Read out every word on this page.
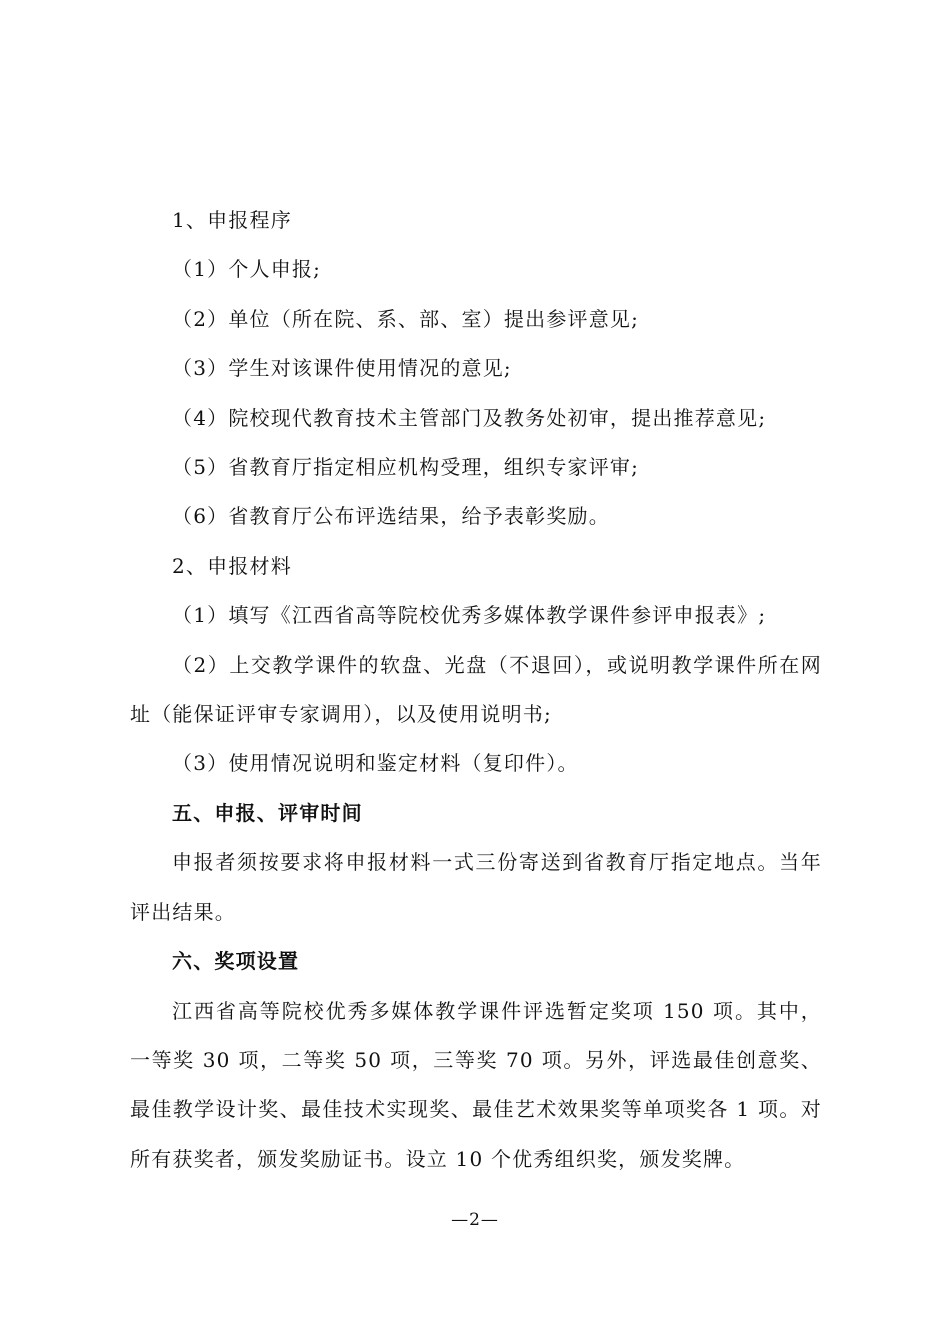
1、申报程序

（1）个人申报;

（2）单位（所在院、系、部、室）提出参评意见;

（3）学生对该课件使用情况的意见;

（4）院校现代教育技术主管部门及教务处初审，提出推荐意见;

（5）省教育厅指定相应机构受理，组织专家评审;

（6）省教育厅公布评选结果，给予表彰奖励。

2、申报材料

（1）填写《江西省高等院校优秀多媒体教学课件参评申报表》;

（2）上交教学课件的软盘、光盘（不退回），或说明教学课件所在网址（能保证评审专家调用），以及使用说明书;

（3）使用情况说明和鉴定材料（复印件）。

五、申报、评审时间

申报者须按要求将申报材料一式三份寄送到省教育厅指定地点。当年评出结果。

六、奖项设置

江西省高等院校优秀多媒体教学课件评选暂定奖项 150 项。其中，一等奖 30 项，二等奖 50 项，三等奖 70 项。另外，评选最佳创意奖、最佳教学设计奖、最佳技术实现奖、最佳艺术效果奖等单项奖各 1 项。对所有获奖者，颁发奖励证书。设立 10 个优秀组织奖，颁发奖牌。

—2—
